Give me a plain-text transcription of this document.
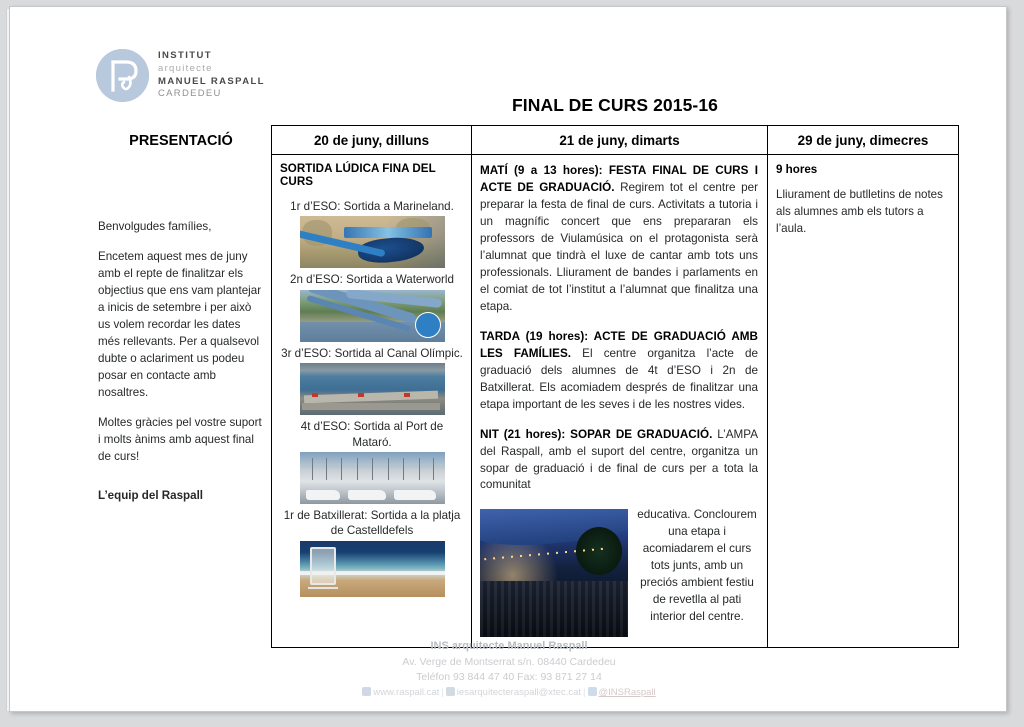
INSTITUT
arquitecte
MANUEL RASPALL
CARDEDEU
FINAL DE CURS 2015-16
PRESENTACIÓ

Benvolgudes famílies,

Encetem aquest mes de juny amb el repte de finalitzar els objectius que ens vam plantejar a inicis de setembre i per això us volem recordar les dates més rellevants. Per a qualsevol dubte o aclariment us podeu posar en contacte amb nosaltres.

Moltes gràcies pel vostre suport i molts ànims amb aquest final de curs!

L’equip del Raspall

20 de juny, dilluns	21 de juny, dimarts	29 de juny, dimecres

SORTIDA LÚDICA FINA DEL CURS
1r d’ESO: Sortida a Marineland.
2n d’ESO: Sortida a Waterworld
3r d’ESO: Sortida al Canal Olímpic.
4t d’ESO: Sortida al Port de Mataró.
1r de Batxillerat: Sortida a la platja de Castelldefels

MATÍ (9 a 13 hores): FESTA FINAL DE CURS I ACTE DE GRADUACIÓ. Regirem tot el centre per preparar la festa de final de curs. Activitats a tutoria i un magnífic concert que ens prepararan els professors de Viulamúsica on el protagonista serà l’alumnat que tindrà el luxe de cantar amb tots uns professionals. Lliurament de bandes i parlaments en el comiat de tot l’institut a l’alumnat que finalitza una etapa.

TARDA (19 hores): ACTE DE GRADUACIÓ AMB LES FAMÍLIES. El centre organitza l’acte de graduació dels alumnes de 4t d’ESO i 2n de Batxillerat. Els acomiadem després de finalitzar una etapa important de les seves i de les nostres vides.

NIT (21 hores): SOPAR DE GRADUACIÓ. L’AMPA del Raspall, amb el suport del centre, organitza un sopar de graduació i de final de curs per a tota la comunitat

educativa. Conclourem una etapa i acomiadarem el curs tots junts, amb un preciós ambient festiu de revetlla al pati interior del centre.

9 hores

Lliurament de butlletins de notes als alumnes amb els tutors a l’aula.

INS arquitecte Manuel Raspall
Av. Verge de Montserrat s/n. 08440 Cardedeu
Teléfon 93 844 47 40 Fax: 93 871 27 14
www.raspall.cat | iesarquitecteraspall@xtec.cat | @INSRaspall
